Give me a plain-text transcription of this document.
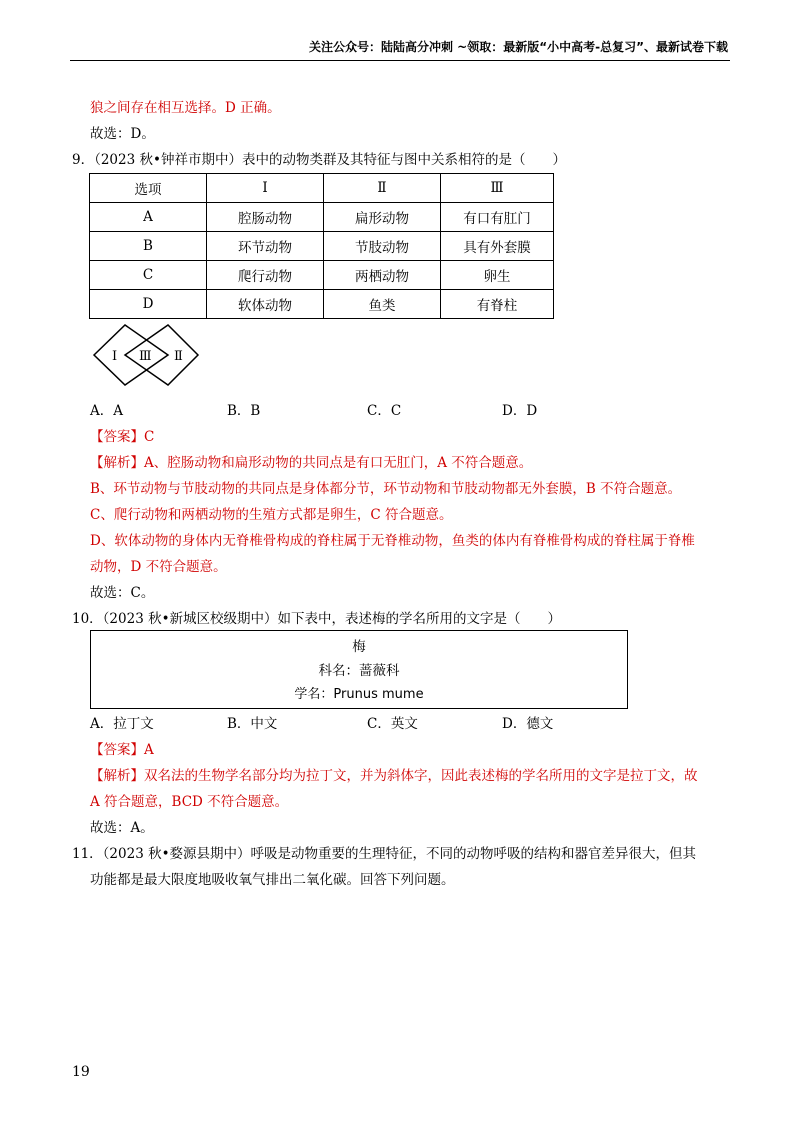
关注公众号：陆陆高分冲刺 ~领取：最新版“小中高考-总复习”、最新试卷下载
狼之间存在相互选择。D 正确。
故选：D。
9．（2023 秋•钟祥市期中）表中的动物类群及其特征与图中关系相符的是（　　）
选项	Ⅰ	Ⅱ	Ⅲ
A	腔肠动物	扁形动物	有口有肛门
B	环节动物	节肢动物	具有外套膜
C	爬行动物	两栖动物	卵生
D	软体动物	鱼类	有脊柱
Ⅰ Ⅲ Ⅱ
A．A	B．B	C．C	D．D
【答案】C
【解析】A、腔肠动物和扁形动物的共同点是有口无肛门，A 不符合题意。
B、环节动物与节肢动物的共同点是身体都分节，环节动物和节肢动物都无外套膜，B 不符合题意。
C、爬行动物和两栖动物的生殖方式都是卵生，C 符合题意。
D、软体动物的身体内无脊椎骨构成的脊柱属于无脊椎动物，鱼类的体内有脊椎骨构成的脊柱属于脊椎
动物，D 不符合题意。
故选：C。
10．（2023 秋•新城区校级期中）如下表中，表述梅的学名所用的文字是（　　）
梅
科名：蔷薇科
学名：Prunus mume
A．拉丁文	B．中文	C．英文	D．德文
【答案】A
【解析】双名法的生物学名部分均为拉丁文，并为斜体字，因此表述梅的学名所用的文字是拉丁文，故
A 符合题意，BCD 不符合题意。
故选：A。
11．（2023 秋•婺源县期中）呼吸是动物重要的生理特征，不同的动物呼吸的结构和器官差异很大，但其
功能都是最大限度地吸收氧气排出二氧化碳。回答下列问题。
19
